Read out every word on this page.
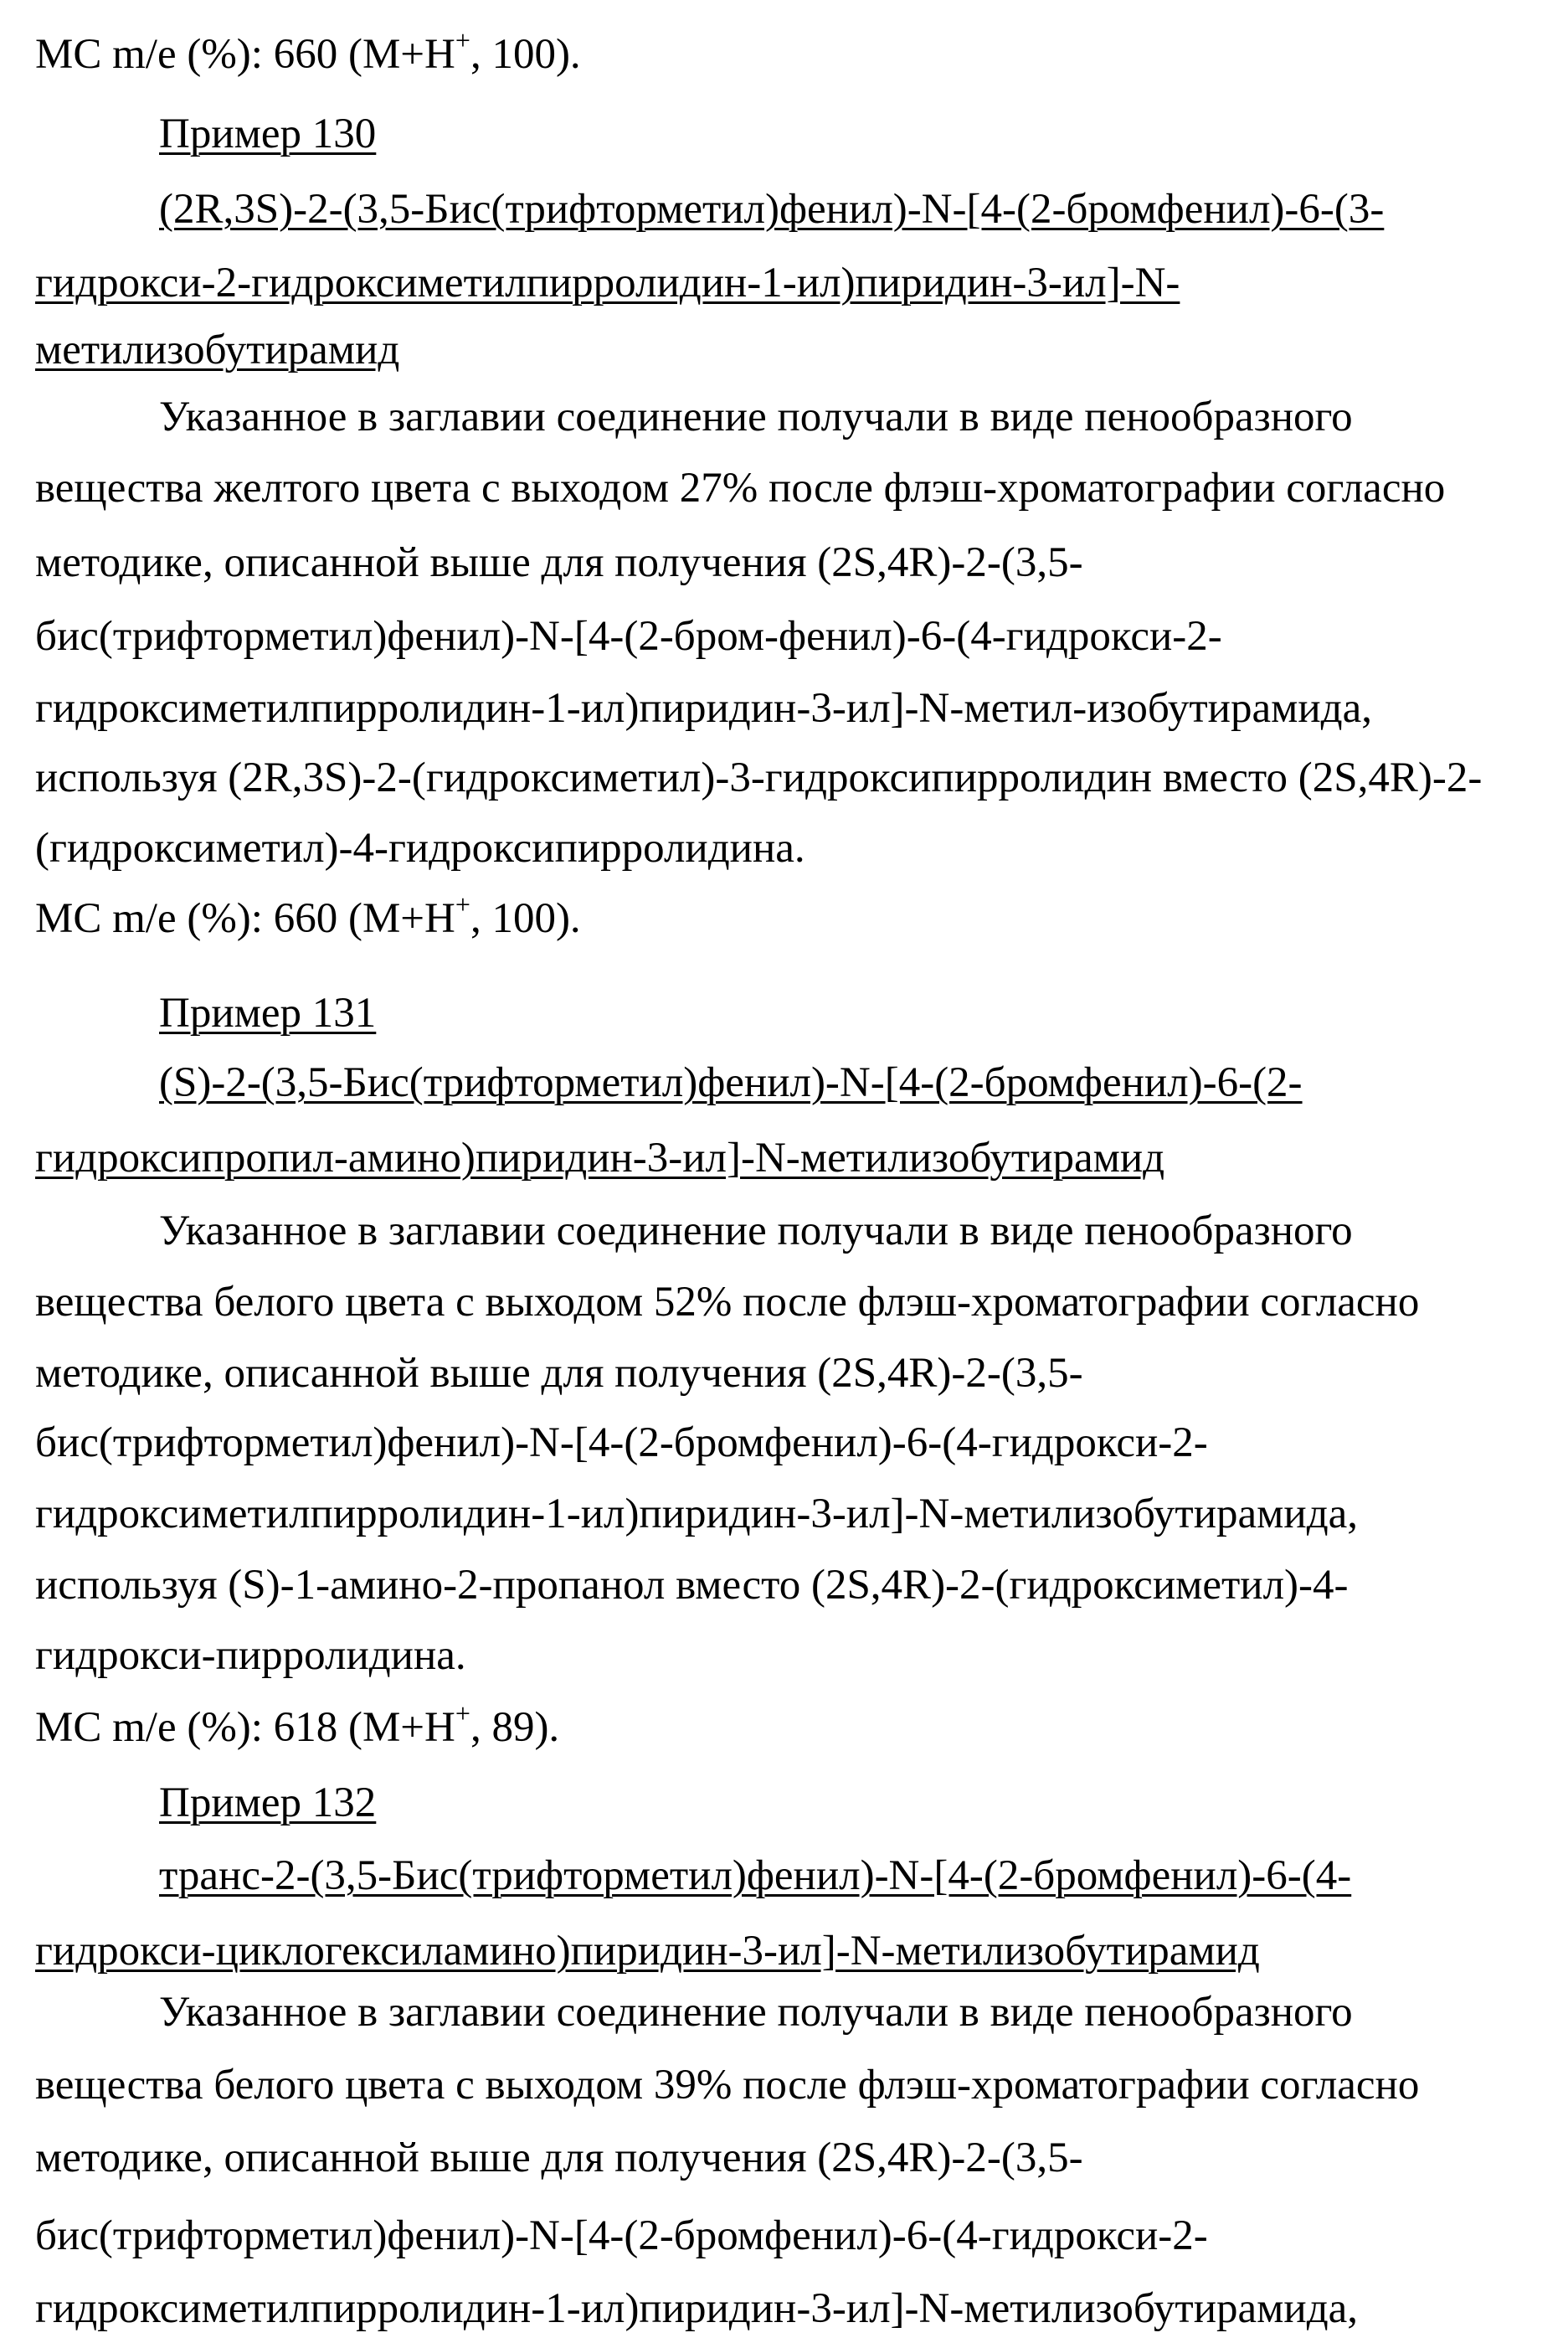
МС m/e (%): 660 (M+H+, 100).
Пример 130
(2R,3S)-2-(3,5-Бис(трифторметил)фенил)-N-[4-(2-бромфенил)-6-(3-
гидрокси-2-гидроксиметилпирролидин-1-ил)пиридин-3-ил]-N-
метилизобутирамид
Указанное в заглавии соединение получали в виде пенообразного
вещества желтого цвета с выходом 27% после флэш-хроматографии согласно
методике, описанной выше для получения (2S,4R)-2-(3,5-
бис(трифторметил)фенил)-N-[4-(2-бром-фенил)-6-(4-гидрокси-2-
гидроксиметилпирролидин-1-ил)пиридин-3-ил]-N-метил-изобутирамида,
используя (2R,3S)-2-(гидроксиметил)-3-гидроксипирролидин вместо (2S,4R)-2-
(гидроксиметил)-4-гидроксипирролидина.
МС m/e (%): 660 (M+H+, 100).
Пример 131
(S)-2-(3,5-Бис(трифторметил)фенил)-N-[4-(2-бромфенил)-6-(2-
гидроксипропил-амино)пиридин-3-ил]-N-метилизобутирамид
Указанное в заглавии соединение получали в виде пенообразного
вещества белого цвета с выходом 52% после флэш-хроматографии согласно
методике, описанной выше для получения (2S,4R)-2-(3,5-
бис(трифторметил)фенил)-N-[4-(2-бромфенил)-6-(4-гидрокси-2-
гидроксиметилпирролидин-1-ил)пиридин-3-ил]-N-метилизобутирамида,
используя (S)-1-амино-2-пропанол вместо (2S,4R)-2-(гидроксиметил)-4-
гидрокси-пирролидина.
МС m/e (%): 618 (M+H+, 89).
Пример 132
транс-2-(3,5-Бис(трифторметил)фенил)-N-[4-(2-бромфенил)-6-(4-
гидрокси-циклогексиламино)пиридин-3-ил]-N-метилизобутирамид
Указанное в заглавии соединение получали в виде пенообразного
вещества белого цвета с выходом 39% после флэш-хроматографии согласно
методике, описанной выше для получения (2S,4R)-2-(3,5-
бис(трифторметил)фенил)-N-[4-(2-бромфенил)-6-(4-гидрокси-2-
гидроксиметилпирролидин-1-ил)пиридин-3-ил]-N-метилизобутирамида,
